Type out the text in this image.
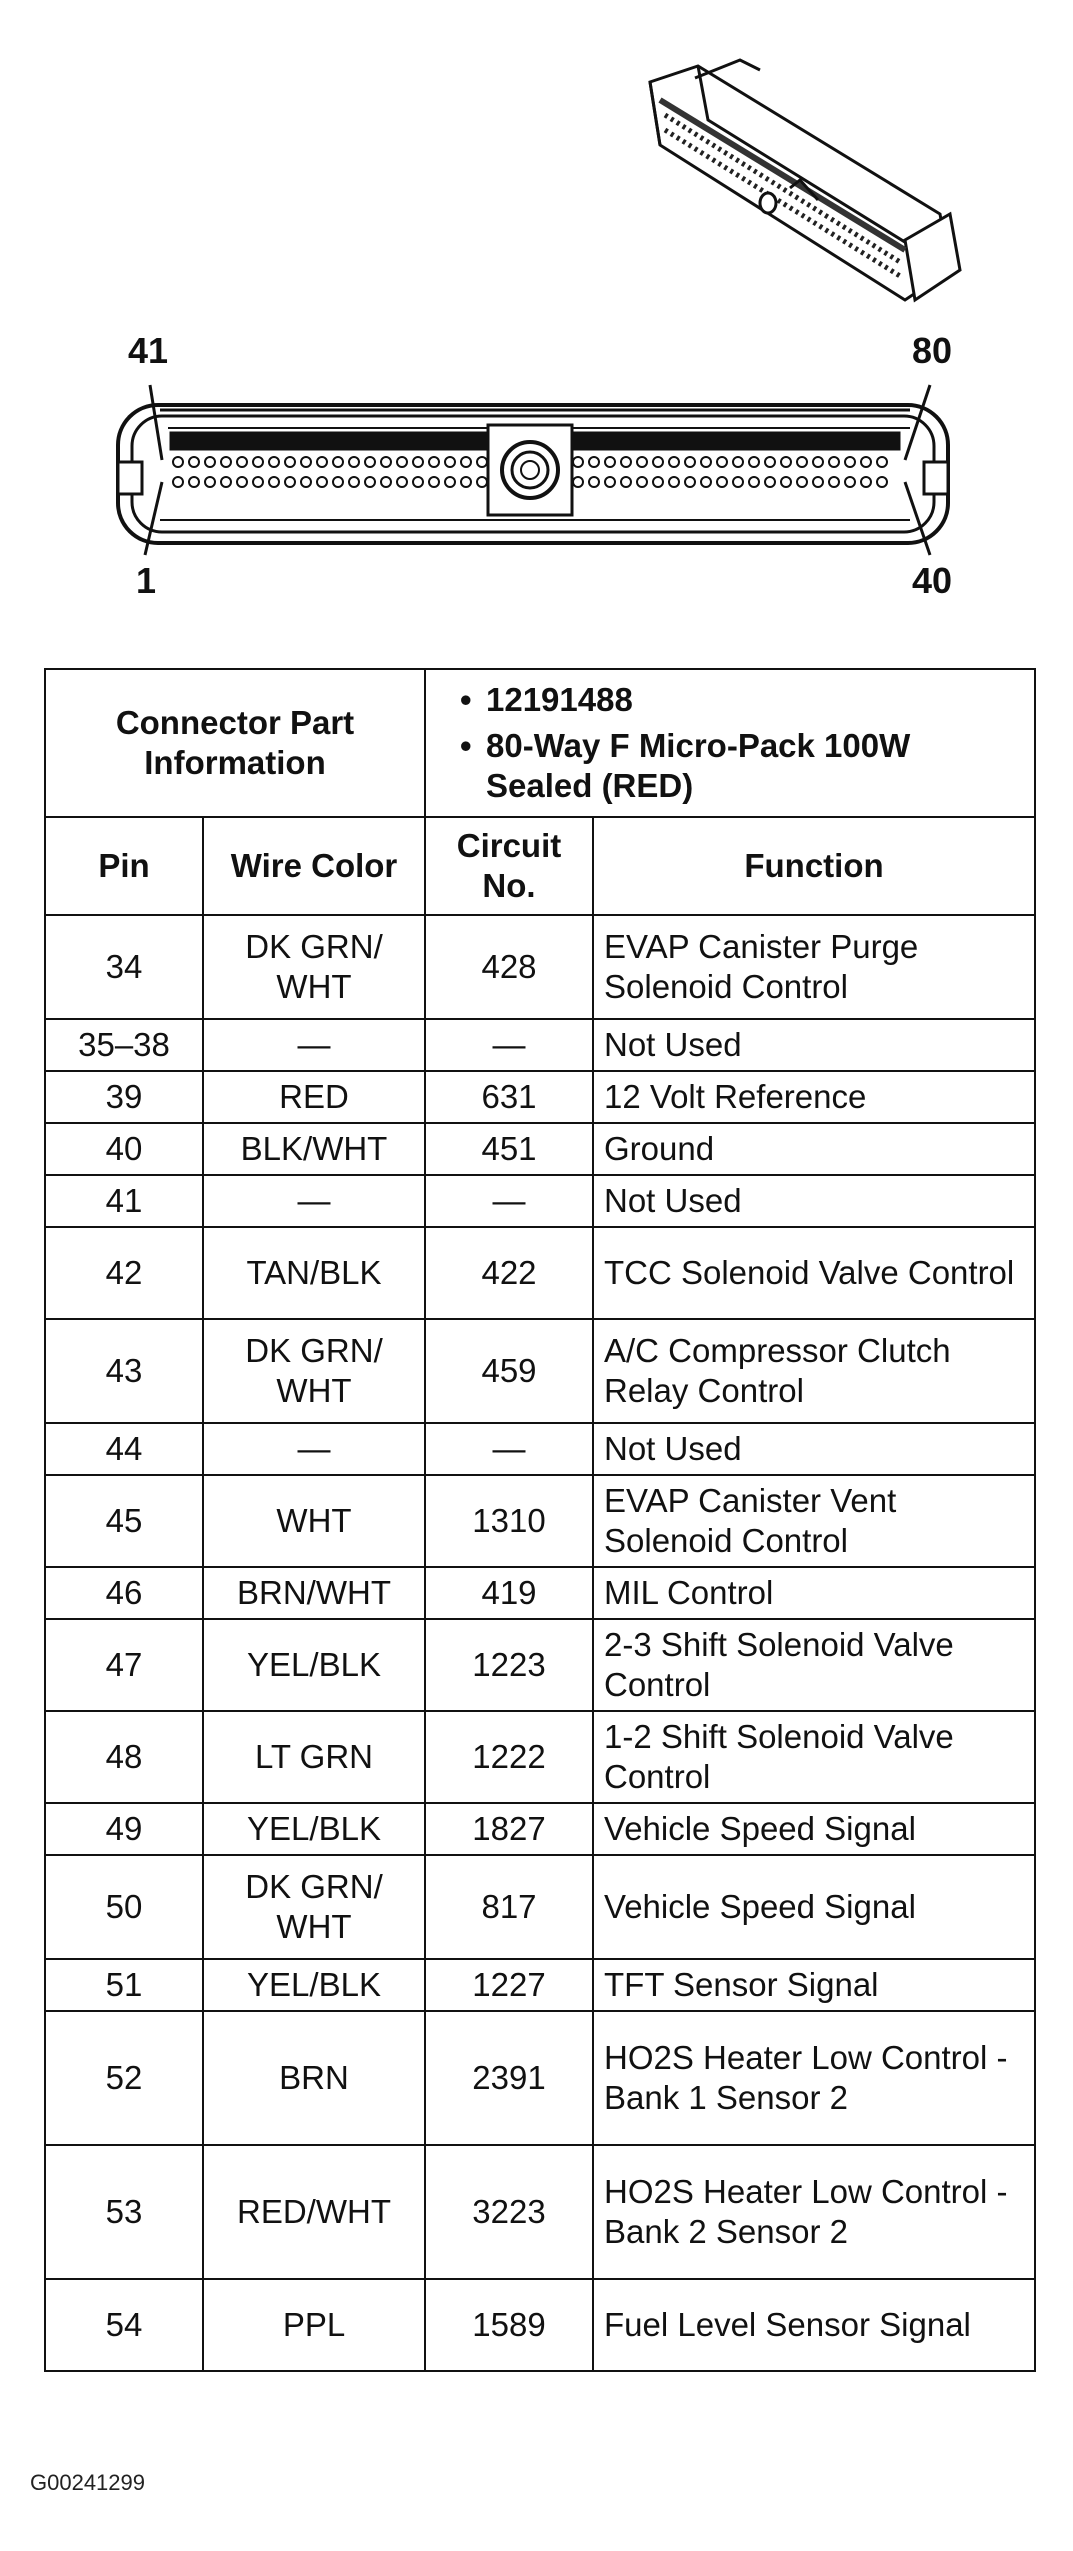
41	80
1	40
Connector Part Information		• 12191488
• 80-Way F Micro-Pack 100W Sealed (RED)

Pin	Wire Color	Circuit No.	Function
34	DK GRN/ WHT	428	EVAP Canister Purge Solenoid Control
35–38	—	—	Not Used
39	RED	631	12 Volt Reference
40	BLK/WHT	451	Ground
41	—	—	Not Used
42	TAN/BLK	422	TCC Solenoid Valve Control
43	DK GRN/ WHT	459	A/C Compressor Clutch Relay Control
44	—	—	Not Used
45	WHT	1310	EVAP Canister Vent Solenoid Control
46	BRN/WHT	419	MIL Control
47	YEL/BLK	1223	2-3 Shift Solenoid Valve Control
48	LT GRN	1222	1-2 Shift Solenoid Valve Control
49	YEL/BLK	1827	Vehicle Speed Signal
50	DK GRN/ WHT	817	Vehicle Speed Signal
51	YEL/BLK	1227	TFT Sensor Signal
52	BRN	2391	HO2S Heater Low Control - Bank 1 Sensor 2
53	RED/WHT	3223	HO2S Heater Low Control - Bank 2 Sensor 2
54	PPL	1589	Fuel Level Sensor Signal
G00241299
